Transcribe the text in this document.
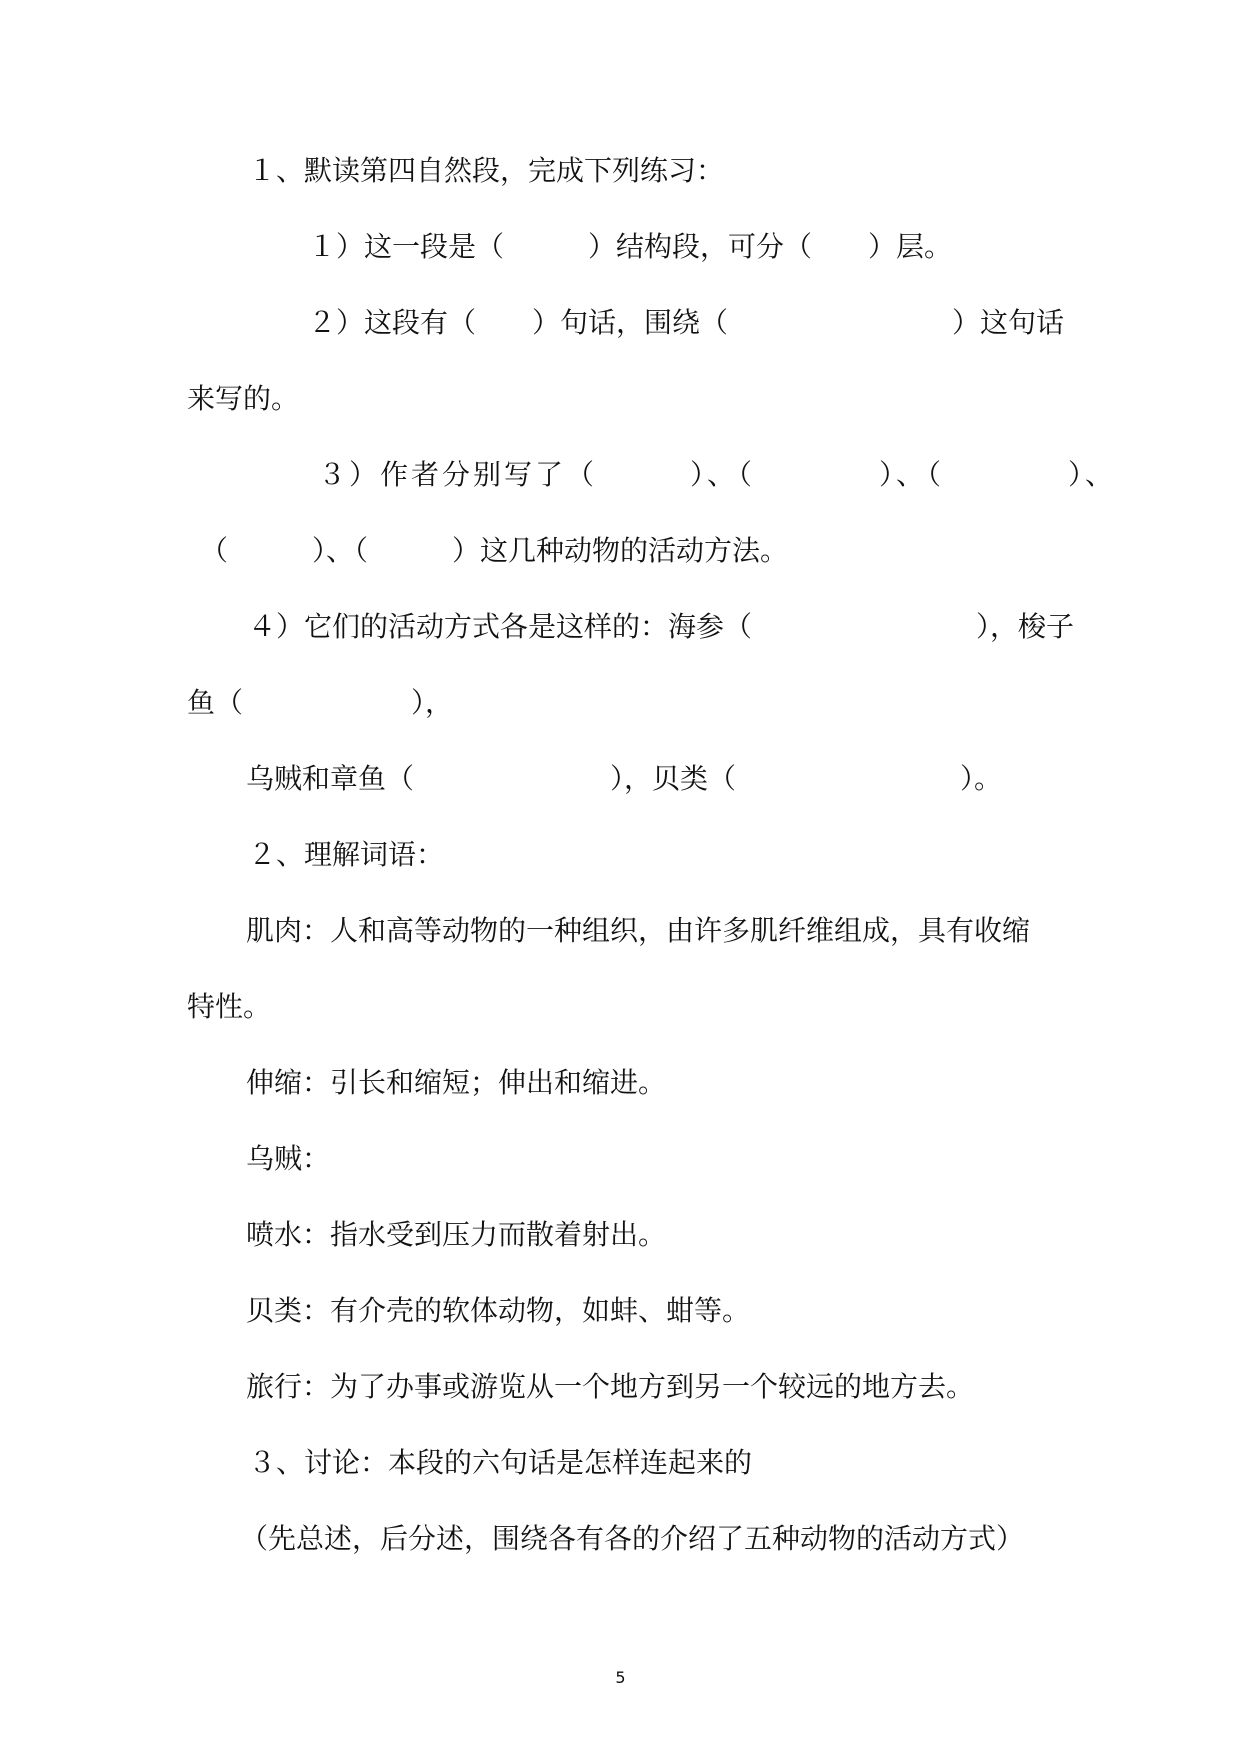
１、默读第四自然段，完成下列练习：
１）这一段是（　　　）结构段，可分（　　）层。
２）这段有（　　）句话，围绕（　　　　　　　　）这句话
来写的。
３）作者分别写了（　　　）、（　　　　）、（　　　　）、
（　　　）、（　　　）这几种动物的活动方法。
４）它们的活动方式各是这样的：海参（　　　　　　　　），梭子
鱼（　　　　　　），
乌贼和章鱼（　　　　　　　），贝类（　　　　　　　　）。
２、理解词语：
肌肉：人和高等动物的一种组织，由许多肌纤维组成，具有收缩
特性。
伸缩：引长和缩短；伸出和缩进。
乌贼：
喷水：指水受到压力而散着射出。
贝类：有介壳的软体动物，如蚌、蚶等。
旅行：为了办事或游览从一个地方到另一个较远的地方去。
３、讨论：本段的六句话是怎样连起来的
（先总述，后分述，围绕各有各的介绍了五种动物的活动方式）
5
